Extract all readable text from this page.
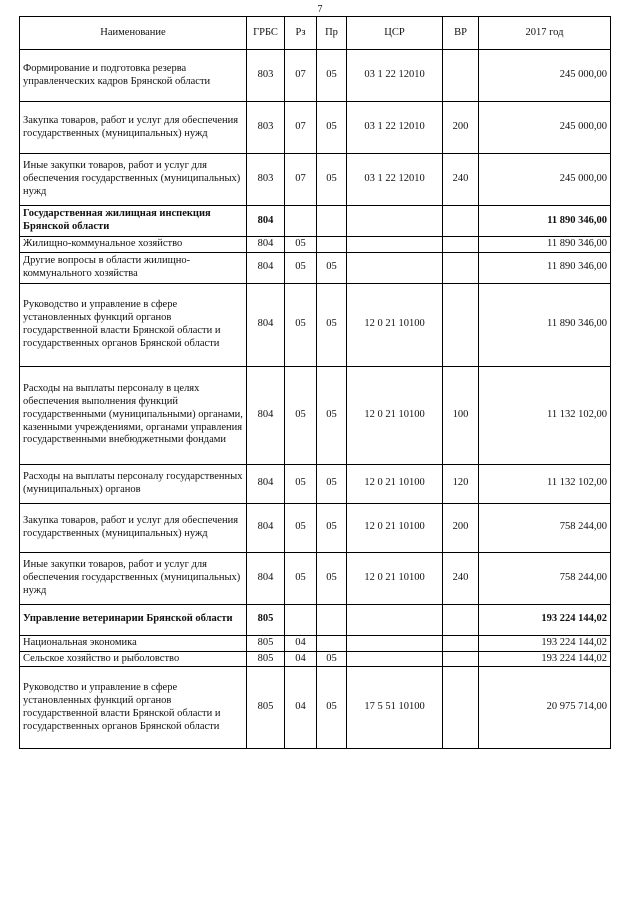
7
Наименование	ГРБС	Рз	Пр	ЦСР	ВР	2017 год
Формирование и подготовка резерва управленческих кадров Брянской области	803	07	05	03 1 22 12010		245 000,00
Закупка товаров, работ и услуг для обеспечения государственных (муниципальных) нужд	803	07	05	03 1 22 12010	200	245 000,00
Иные закупки товаров, работ и услуг для обеспечения государственных (муниципальных) нужд	803	07	05	03 1 22 12010	240	245 000,00
Государственная жилищная инспекция Брянской области	804					11 890 346,00
Жилищно-коммунальное хозяйство	804	05				11 890 346,00
Другие вопросы в области жилищно-коммунального хозяйства	804	05	05			11 890 346,00
Руководство и управление в сфере установленных функций органов государственной власти Брянской области и государственных органов Брянской области	804	05	05	12 0 21 10100		11 890 346,00
Расходы на выплаты персоналу в целях обеспечения выполнения функций государственными (муниципальными) органами, казенными учреждениями, органами управления государственными внебюджетными фондами	804	05	05	12 0 21 10100	100	11 132 102,00
Расходы на выплаты персоналу государственных (муниципальных) органов	804	05	05	12 0 21 10100	120	11 132 102,00
Закупка товаров, работ и услуг для обеспечения государственных (муниципальных) нужд	804	05	05	12 0 21 10100	200	758 244,00
Иные закупки товаров, работ и услуг для обеспечения государственных (муниципальных) нужд	804	05	05	12 0 21 10100	240	758 244,00
Управление ветеринарии Брянской области	805					193 224 144,02
Национальная экономика	805	04				193 224 144,02
Сельское хозяйство и рыболовство	805	04	05			193 224 144,02
Руководство и управление в сфере установленных функций органов государственной власти Брянской области и государственных органов Брянской области	805	04	05	17 5 51 10100		20 975 714,00
